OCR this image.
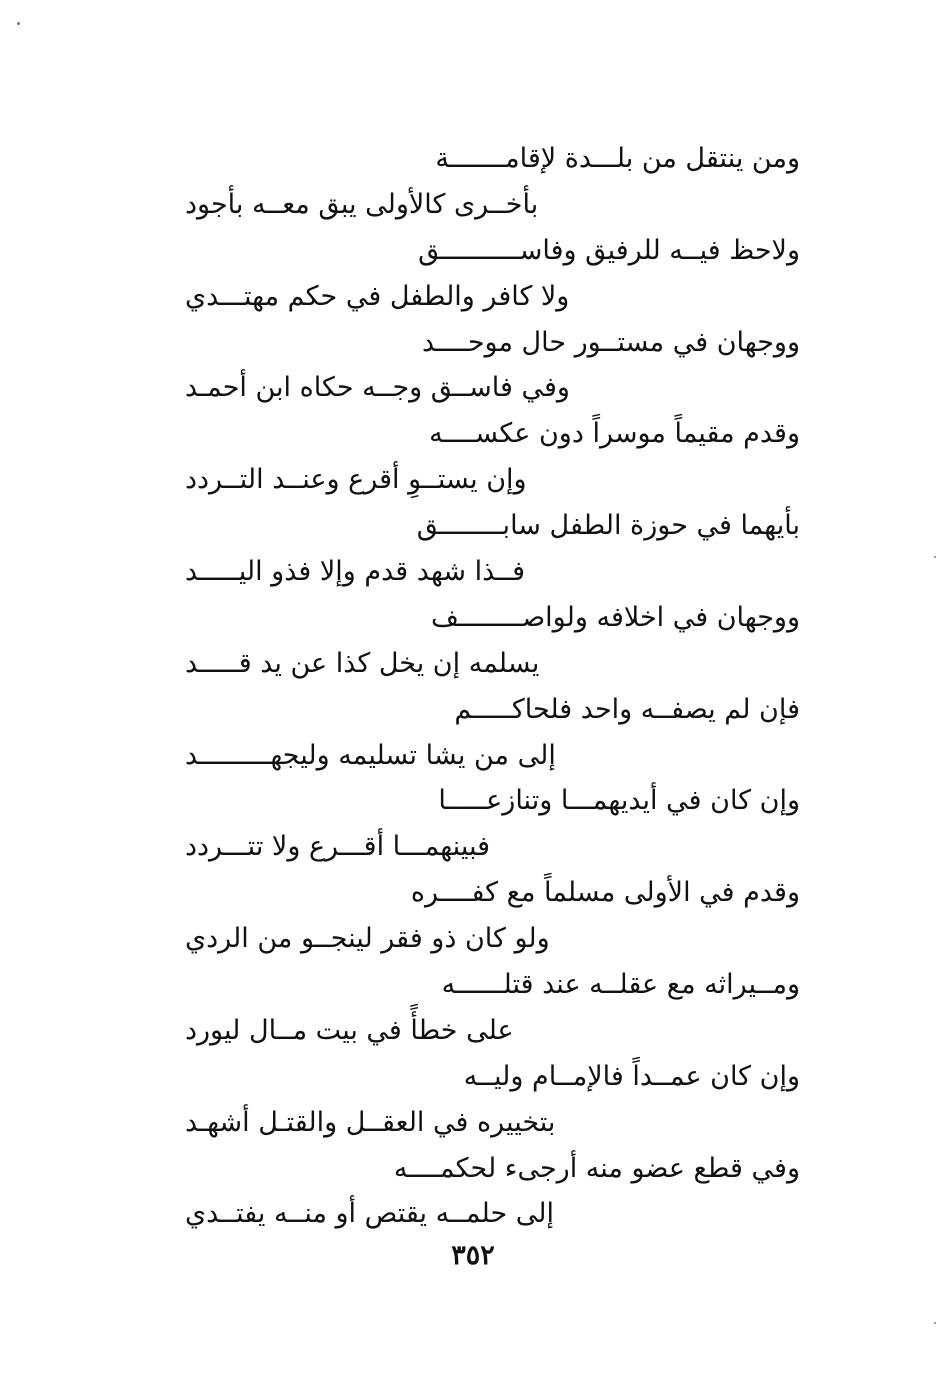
ومن ينتقل من بلـــدة لإقامـــــــة
بأخــرى كالأولى يبق معــه بأجود
ولاحظ فيــه للرفيق وفاســــــــــق
ولا كافر والطفل في حكم مهتـــدي
ووجهان في مستــور حال موحــــد
وفي فاســق وجــه حكاه ابن أحمـد
وقدم مقيماً موسراً دون عكســــه
وإن يستــوِ أقرع وعنــد التــردد
بأيهما في حوزة الطفل سابــــــــق
فــذا شهد قدم وإلا فذو اليـــــد
ووجهان في اخلافه ولواصــــــــف
يسلمه إن يخل كذا عن يد قـــــد
فإن لم يصفــه واحد فلحاكـــــم
إلى من يشا تسليمه وليجهـــــــــد
وإن كان في أيديهمـــا وتنازعـــــا
فبينهمـــا أقـــرع ولا تتـــردد
وقدم في الأولى مسلماً مع كفــــره
ولو كان ذو فقر لينجــو من الردي
ومــيراثه مع عقلــه عند قتلــــــه
على خطأً في بيت مــال ليورد
وإن كان عمــداً فالإمــام وليــه
بتخييره في العقــل والقتـل أشهـد
وفي قطع عضو منه أرجىء لحكمــــه
إلى حلمــه يقتص أو منــه يفتــدي
٣٥٢
